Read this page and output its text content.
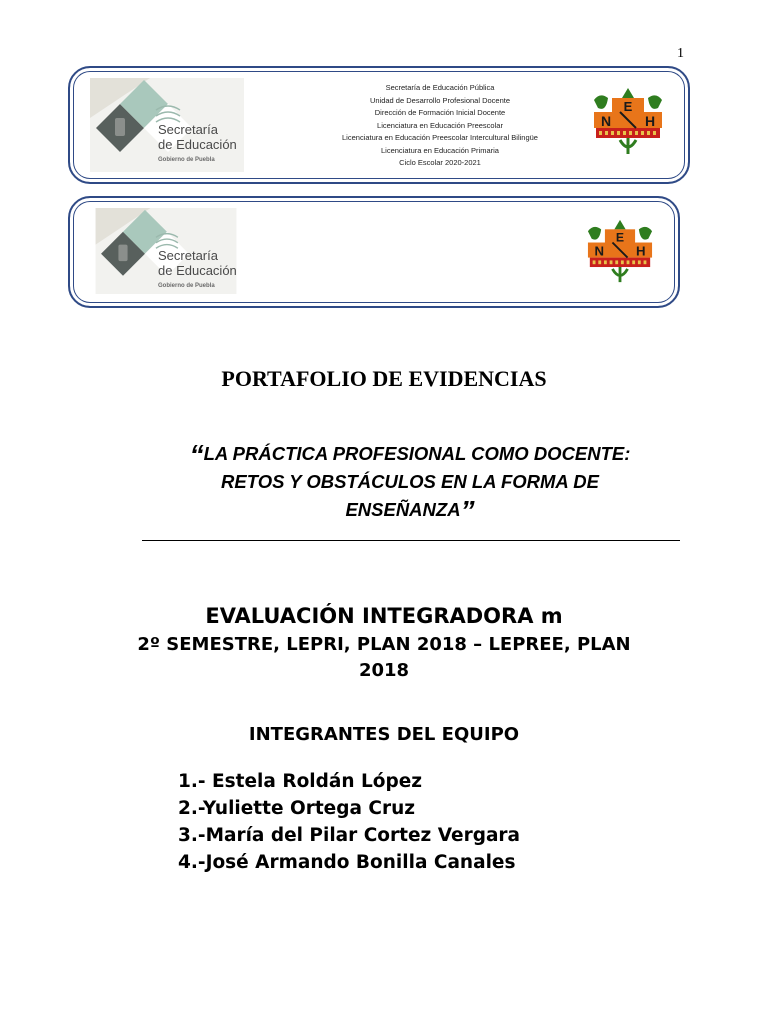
1
Secretaría
de Educación
Gobierno de Puebla
Secretaría de Educación Pública
Unidad de Desarrollo Profesional Docente
Dirección de Formación Inicial Docente
Licenciatura en Educación Preescolar
Licenciatura en Educación Preescolar Intercultural Bilingüe
Licenciatura en Educación Primaria
Ciclo Escolar 2020-2021
E
N H
Secretaría
de Educación
Gobierno de Puebla
E
N H
PORTAFOLIO DE EVIDENCIAS
“LA PRÁCTICA PROFESIONAL COMO DOCENTE:
RETOS Y OBSTÁCULOS EN LA FORMA DE
ENSEÑANZA”
EVALUACIÓN INTEGRADORA m
2º SEMESTRE, LEPRI, PLAN 2018 – LEPREE, PLAN
2018
INTEGRANTES DEL EQUIPO
1.- Estela Roldán López
2.-Yuliette Ortega Cruz
3.-María del Pilar Cortez Vergara
4.-José Armando Bonilla Canales
